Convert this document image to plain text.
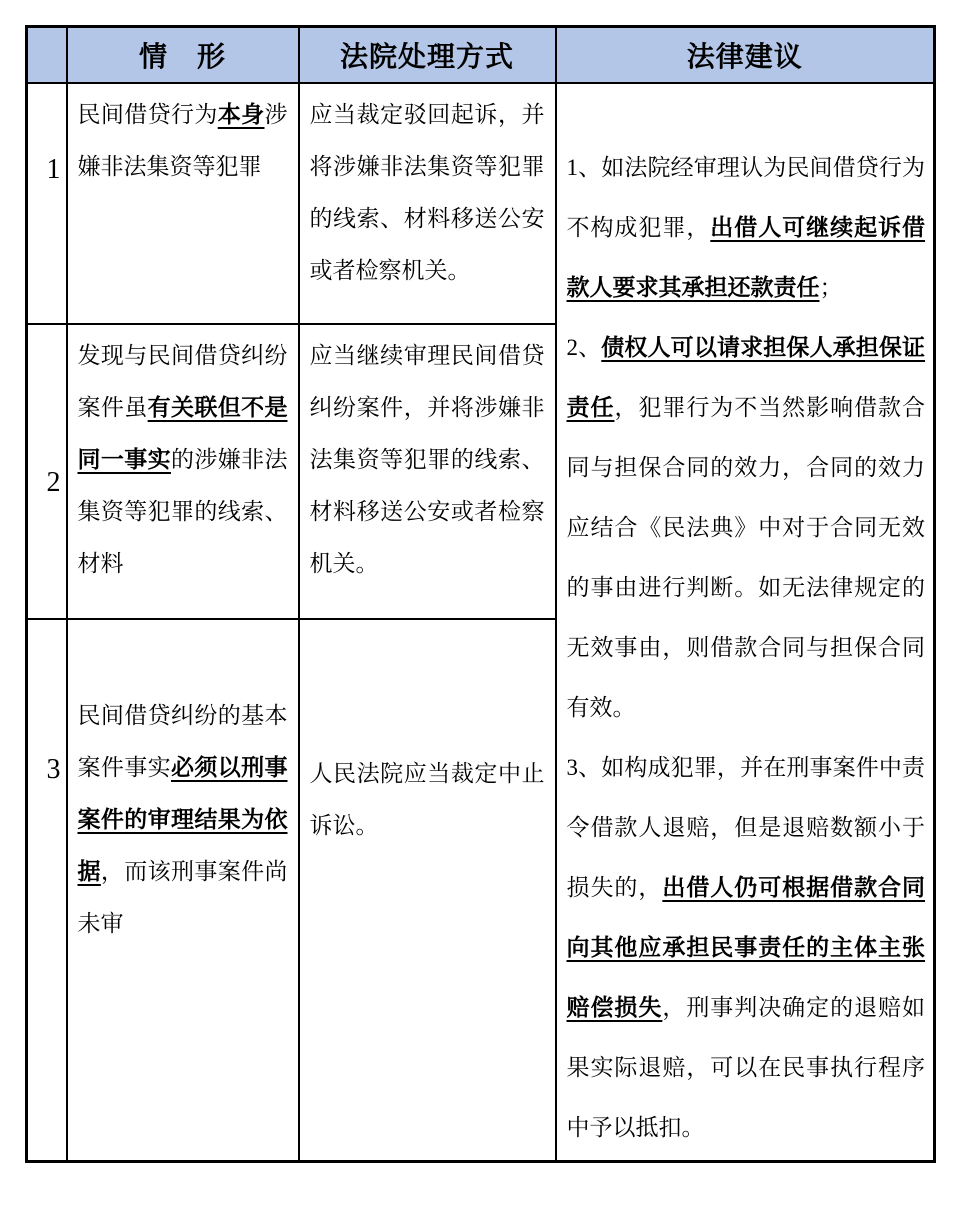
	情　形	法院处理方式	法律建议
1	民间借贷行为本身涉嫌非法集资等犯罪	应当裁定驳回起诉，并将涉嫌非法集资等犯罪的线索、材料移送公安或者检察机关。	1、如法院经审理认为民间借贷行为不构成犯罪，出借人可继续起诉借款人要求其承担还款责任；

2、债权人可以请求担保人承担保证责任，犯罪行为不当然影响借款合同与担保合同的效力，合同的效力应结合《民法典》中对于合同无效的事由进行判断。如无法律规定的无效事由，则借款合同与担保合同有效。

3、如构成犯罪，并在刑事案件中责令借款人退赔，但是退赔数额小于损失的，出借人仍可根据借款合同向其他应承担民事责任的主体主张赔偿损失，刑事判决确定的退赔如果实际退赔，可以在民事执行程序中予以抵扣。

2	发现与民间借贷纠纷案件虽有关联但不是同一事实的涉嫌非法集资等犯罪的线索、材料	应当继续审理民间借贷纠纷案件，并将涉嫌非法集资等犯罪的线索、材料移送公安或者检察机关。	
3	民间借贷纠纷的基本案件事实必须以刑事案件的审理结果为依据，而该刑事案件尚未审	人民法院应当裁定中止诉讼。	
